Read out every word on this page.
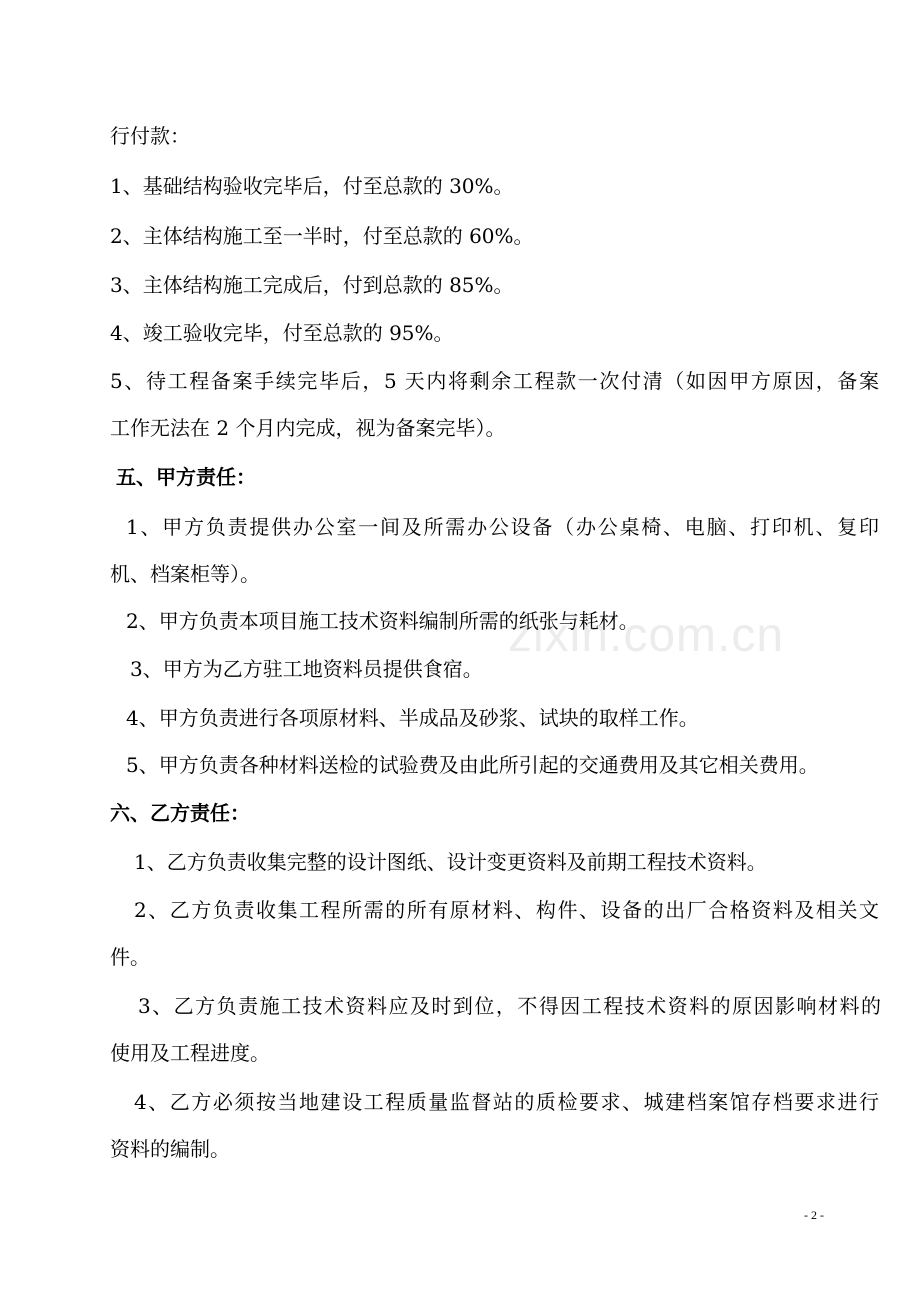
行付款：
1、基础结构验收完毕后，付至总款的 30%。
2、主体结构施工至一半时，付至总款的 60%。
3、主体结构施工完成后，付到总款的 85%。
4、竣工验收完毕，付至总款的 95%。
5、待工程备案手续完毕后，5 天内将剩余工程款一次付清（如因甲方原因，备案
工作无法在 2 个月内完成，视为备案完毕）。
五、甲方责任：
1、甲方负责提供办公室一间及所需办公设备（办公桌椅、电脑、打印机、复印
机、档案柜等）。
2、甲方负责本项目施工技术资料编制所需的纸张与耗材。
3、甲方为乙方驻工地资料员提供食宿。
4、甲方负责进行各项原材料、半成品及砂浆、试块的取样工作。
5、甲方负责各种材料送检的试验费及由此所引起的交通费用及其它相关费用。
六、乙方责任：
1、乙方负责收集完整的设计图纸、设计变更资料及前期工程技术资料。
2、乙方负责收集工程所需的所有原材料、构件、设备的出厂合格资料及相关文
件。
3、乙方负责施工技术资料应及时到位，不得因工程技术资料的原因影响材料的
使用及工程进度。
4、乙方必须按当地建设工程质量监督站的质检要求、城建档案馆存档要求进行
资料的编制。
zixin.com.cn
- 2 -
